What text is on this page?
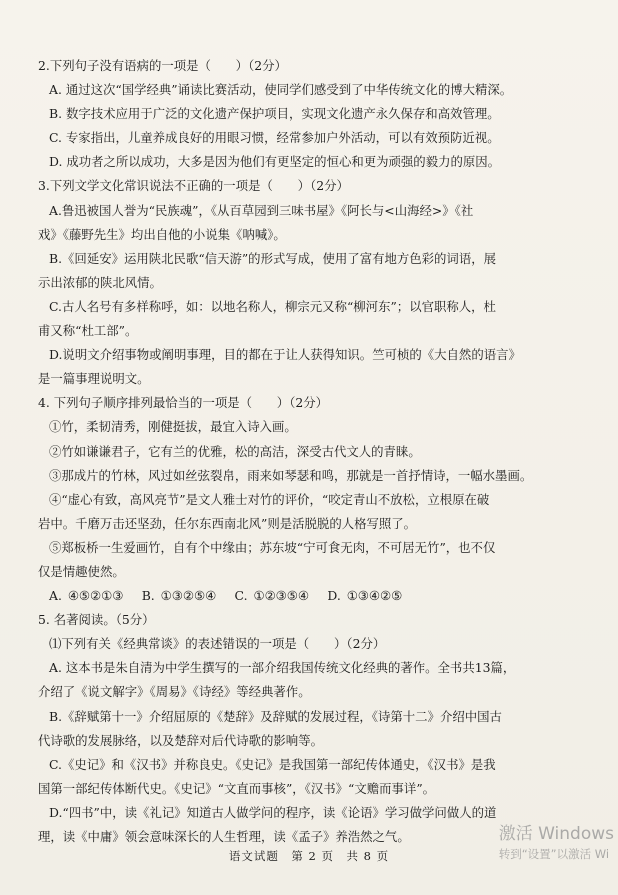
2.下列句子没有语病的一项是（　　）（2分）
A. 通过这次“国学经典”诵读比赛活动，使同学们感受到了中华传统文化的博大精深。
B. 数字技术应用于广泛的文化遗产保护项目，实现文化遗产永久保存和高效管理。
C. 专家指出，儿童养成良好的用眼习惯，经常参加户外活动，可以有效预防近视。
D. 成功者之所以成功，大多是因为他们有更坚定的恒心和更为顽强的毅力的原因。
3.下列文学文化常识说法不正确的一项是（　　）（2分）
A.鲁迅被国人誉为“民族魂”，《从百草园到三味书屋》《阿长与<山海经>》《社
戏》《藤野先生》均出自他的小说集《呐喊》。
B.《回延安》运用陕北民歌“信天游”的形式写成，使用了富有地方色彩的词语，展
示出浓郁的陕北风情。
C.古人名号有多样称呼，如：以地名称人，柳宗元又称“柳河东”；以官职称人，杜
甫又称“杜工部”。
D.说明文介绍事物或阐明事理，目的都在于让人获得知识。竺可桢的《大自然的语言》
是一篇事理说明文。
4. 下列句子顺序排列最恰当的一项是（　　）（2分）
①竹，柔韧清秀，刚健挺拔，最宜入诗入画。
②竹如谦谦君子，它有兰的优雅，松的高洁，深受古代文人的青睐。
③那成片的竹林，风过如丝弦裂帛，雨来如琴瑟和鸣，那就是一首抒情诗，一幅水墨画。
④“虚心有致，高风亮节”是文人雅士对竹的评价，“咬定青山不放松，立根原在破
岩中。千磨万击还坚劲，任尔东西南北风”则是活脱脱的人格写照了。
⑤郑板桥一生爱画竹，自有个中缘由；苏东坡“宁可食无肉，不可居无竹”，也不仅
仅是情趣使然。
A. ④⑤②①③　 B. ①③②⑤④　 C. ①②③⑤④　 D. ①③④②⑤
5. 名著阅读。（5分）
⑴下列有关《经典常谈》的表述错误的一项是（　　）（2分）
A. 这本书是朱自清为中学生撰写的一部介绍我国传统文化经典的著作。全书共13篇，
介绍了《说文解字》《周易》《诗经》等经典著作。
B.《辞赋第十一》介绍屈原的《楚辞》及辞赋的发展过程，《诗第十二》介绍中国古
代诗歌的发展脉络，以及楚辞对后代诗歌的影响等。
C.《史记》和《汉书》并称良史。《史记》是我国第一部纪传体通史，《汉书》是我
国第一部纪传体断代史。《史记》“文直而事核”，《汉书》“文赡而事详”。
D.“四书”中，读《礼记》知道古人做学问的程序，读《论语》学习做学问做人的道
理，读《中庸》领会意味深长的人生哲理，读《孟子》养浩然之气。
语文试题　第 2 页　共 8 页
激活 Windows
转到“设置”以激活 Wi
